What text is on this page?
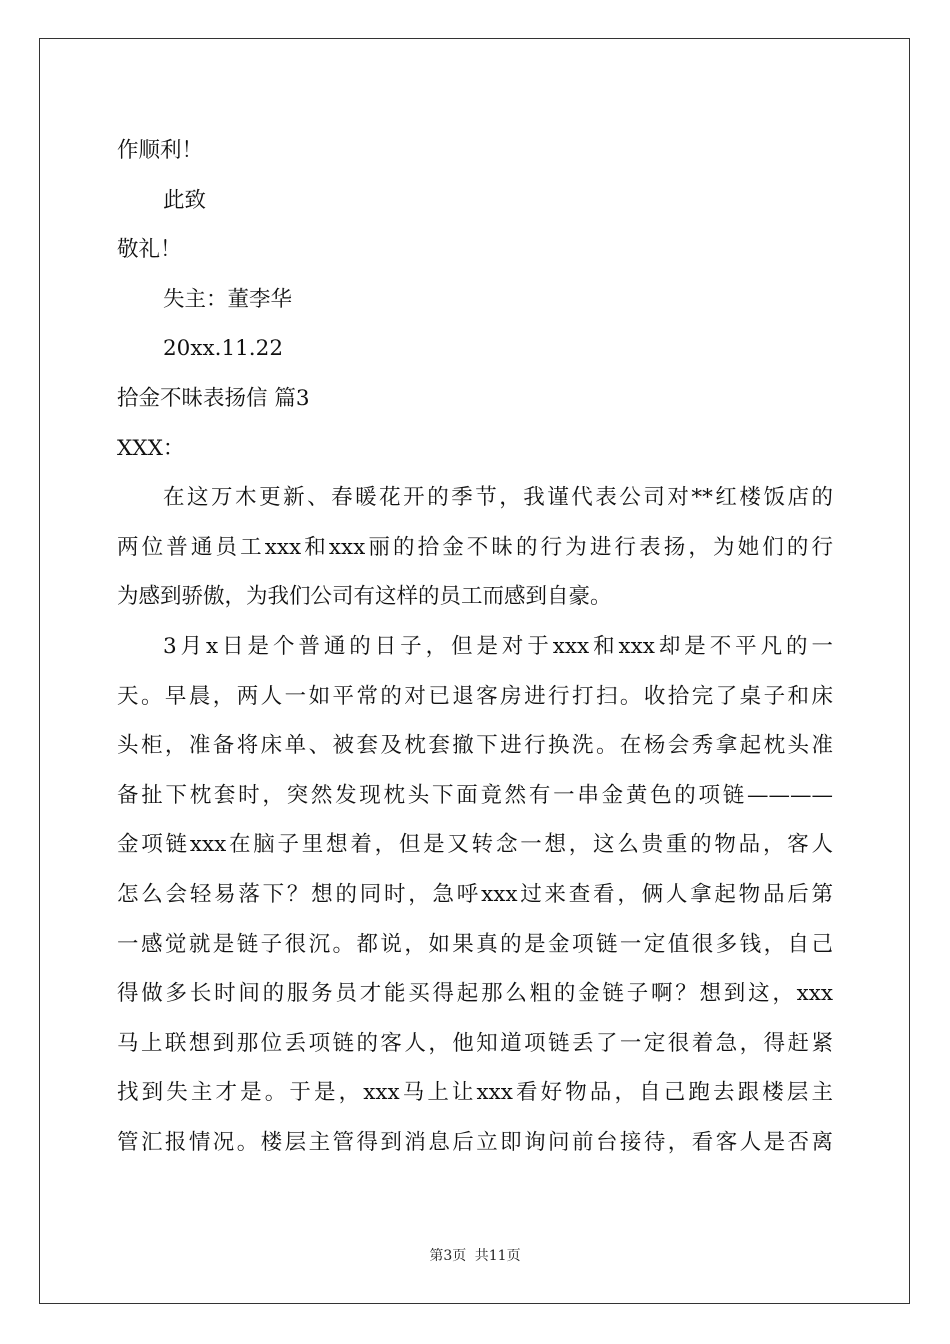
作顺利！
此致
敬礼！
失主：董李华
20xx.11.22
拾金不昧表扬信 篇3
XXX：
在这万木更新、春暖花开的季节，我谨代表公司对**红楼饭店的
两位普通员工xxx和xxx丽的拾金不昧的行为进行表扬，为她们的行
为感到骄傲，为我们公司有这样的员工而感到自豪。
3月x日是个普通的日子，但是对于xxx和xxx却是不平凡的一
天。早晨，两人一如平常的对已退客房进行打扫。收拾完了桌子和床
头柜，准备将床单、被套及枕套撤下进行换洗。在杨会秀拿起枕头准
备扯下枕套时，突然发现枕头下面竟然有一串金黄色的项链————
金项链xxx在脑子里想着，但是又转念一想，这么贵重的物品，客人
怎么会轻易落下？想的同时，急呼xxx过来查看，俩人拿起物品后第
一感觉就是链子很沉。都说，如果真的是金项链一定值很多钱，自己
得做多长时间的服务员才能买得起那么粗的金链子啊？想到这，xxx
马上联想到那位丢项链的客人，他知道项链丢了一定很着急，得赶紧
找到失主才是。于是，xxx马上让xxx看好物品，自己跑去跟楼层主
管汇报情况。楼层主管得到消息后立即询问前台接待，看客人是否离
第3页 共11页
